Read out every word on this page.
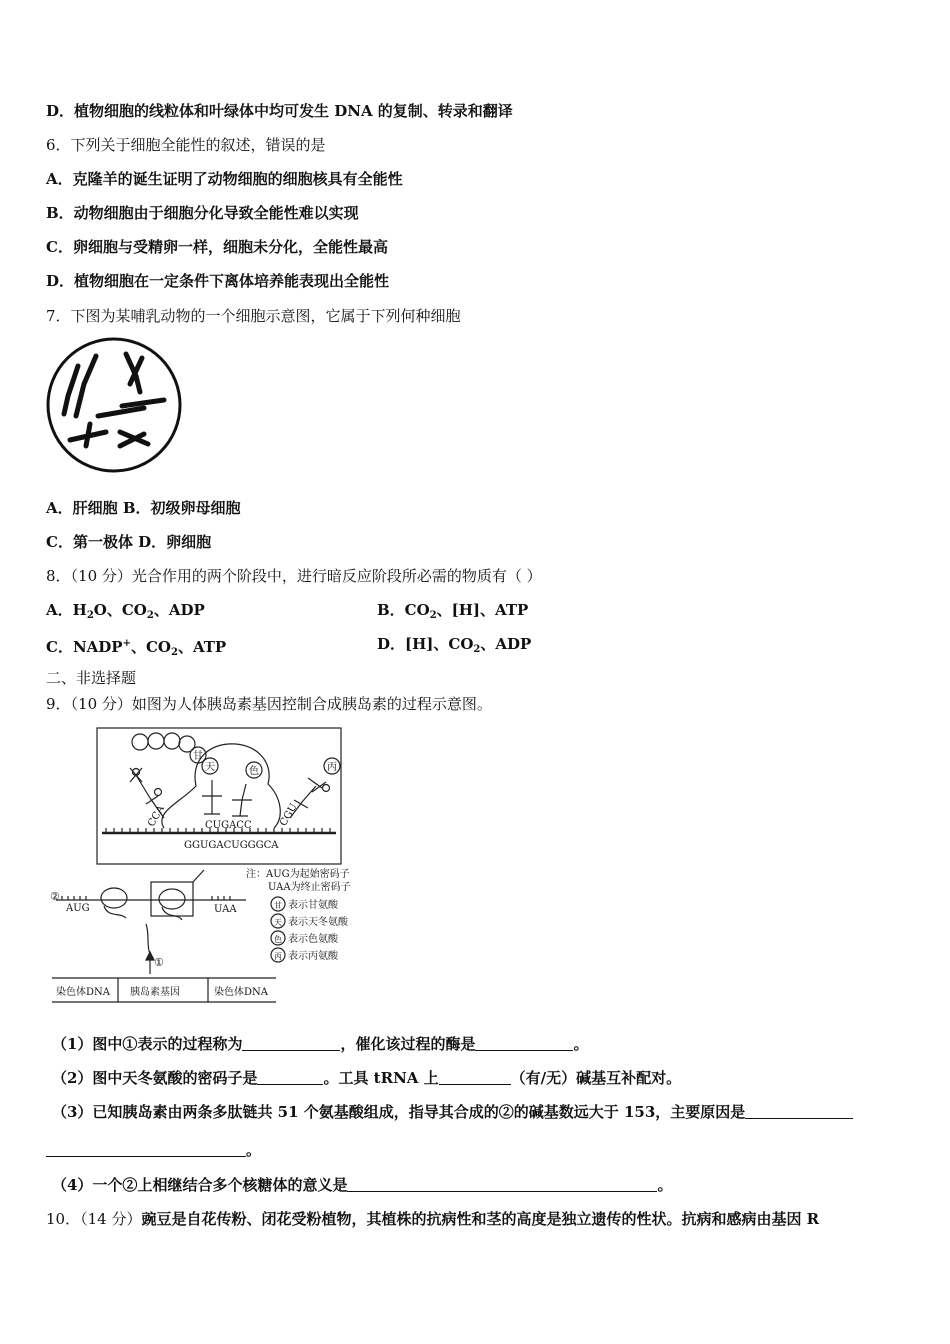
D．植物细胞的线粒体和叶绿体中均可发生 DNA 的复制、转录和翻译
6．下列关于细胞全能性的叙述，错误的是
A．克隆羊的诞生证明了动物细胞的细胞核具有全能性
B．动物细胞由于细胞分化导致全能性难以实现
C．卵细胞与受精卵一样，细胞未分化，全能性最高
D．植物细胞在一定条件下离体培养能表现出全能性
7．下图为某哺乳动物的一个细胞示意图，它属于下列何种细胞
A．肝细胞 B．初级卵母细胞
C．第一极体 D．卵细胞
8．（10 分）光合作用的两个阶段中，进行暗反应阶段所必需的物质有（ ）
A．$H_2O$、$CO_2$、ADP	B．$CO_2$、[H]、ATP
C．NADP+、$CO_2$、ATP	D．[H]、$CO_2$、ADP
二、非选择题
9．（10 分）如图为人体胰岛素基因控制合成胰岛素的过程示意图。
甘
天	色	丙
CCA	CUGACC	CGU
GGUGACUGGGCA
②
AUG	UAA
①
注：AUG为起始密码子
UAA为终止密码子
甘
天
色
丙
表示甘氨酸
表示天冬氨酸
表示色氨酸
表示丙氨酸
染色体DNA 胰岛素基因	染色体DNA
（1）图中①表示的过程称为	，催化该过程的酶是	。
（2）图中天冬氨酸的密码子是	。工具 tRNA 上	（有/无）碱基互补配对。
（3）已知胰岛素由两条多肽链共 51 个氨基酸组成，指导其合成的②的碱基数远大于 153，主要原因是
。
（4）一个②上相继结合多个核糖体的意义是	。
10．（14 分）豌豆是自花传粉、闭花受粉植物，其植株的抗病性和茎的高度是独立遗传的性状。抗病和感病由基因 R
